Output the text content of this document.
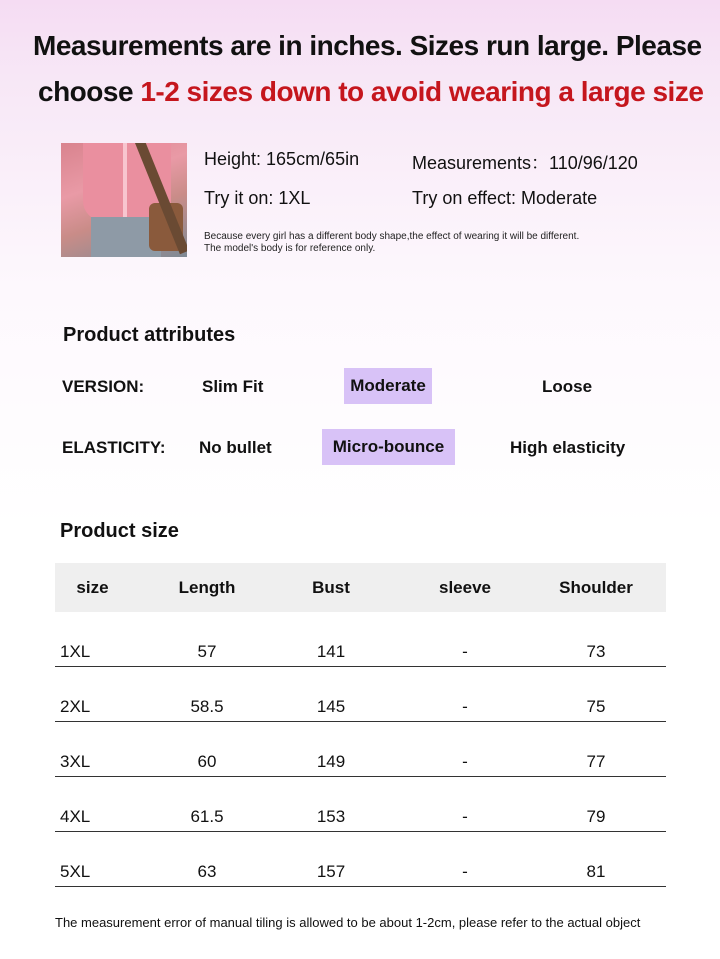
Measurements are in inches. Sizes run large. Please
choose 1-2 sizes down to avoid wearing a large size
Height: 165cm/65in	Measurements：110/96/120
Try it on: 1XL	Try on effect: Moderate
Because every girl has a different body shape,the effect of wearing it will be different.
The model's body is for reference only.
Product attributes
VERSION:	Slim Fit	Moderate	Loose
ELASTICITY: No bullet	Micro-bounce	High elasticity
Product size
size	Length	Bust	sleeve	Shoulder
1XL	57	141	-	73
2XL	58.5	145	-	75
3XL	60	149	-	77
4XL	61.5	153	-	79
5XL	63	157	-	81
The measurement error of manual tiling is allowed to be about 1-2cm, please refer to the actual object
